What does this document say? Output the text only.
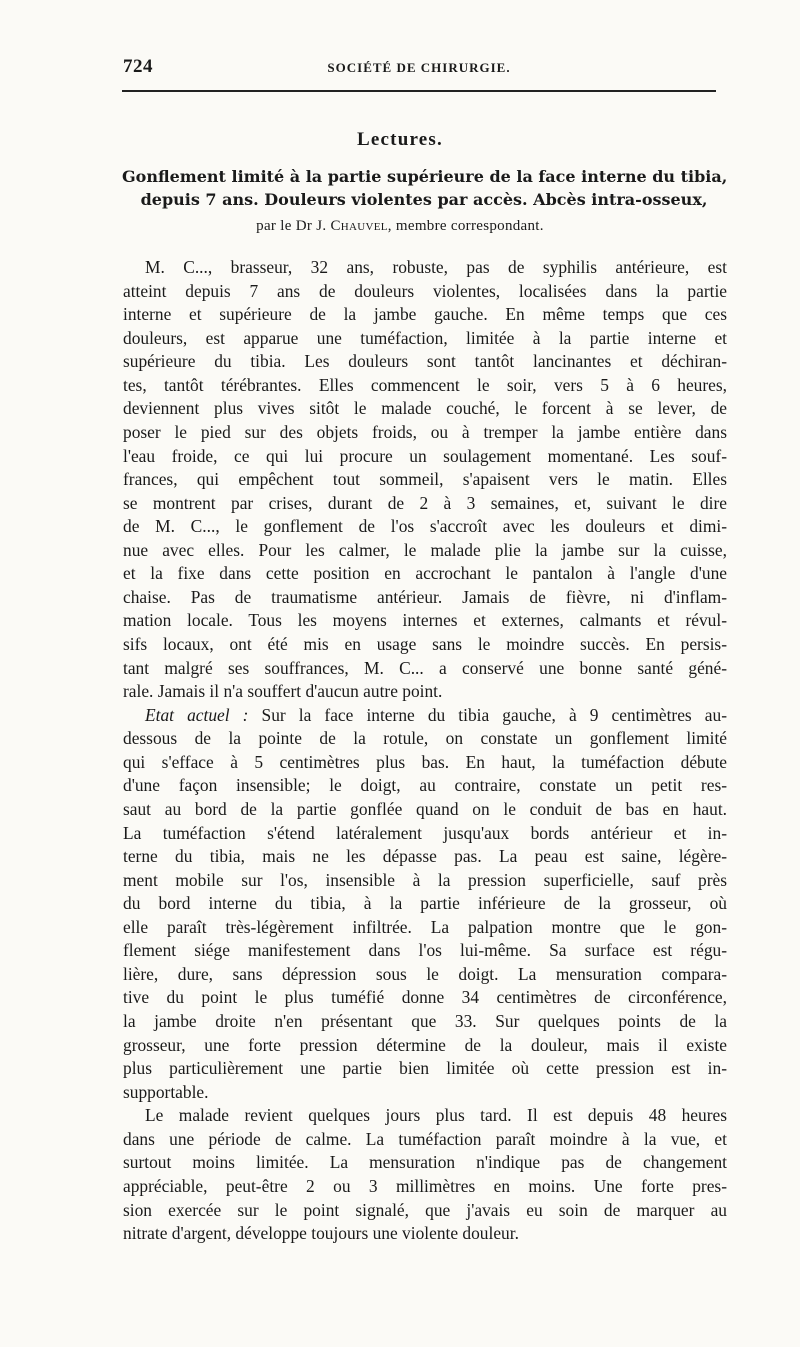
724	SOCIÉTÉ DE CHIRURGIE.
Lectures.
Gonflement limité à la partie supérieure de la face interne du tibia,
depuis 7 ans. Douleurs violentes par accès. Abcès intra-osseux,
par le Dr J. Chauvel, membre correspondant.
M. C..., brasseur, 32 ans, robuste, pas de syphilis antérieure, est
atteint depuis 7 ans de douleurs violentes, localisées dans la partie
interne et supérieure de la jambe gauche. En même temps que ces
douleurs, est apparue une tuméfaction, limitée à la partie interne et
supérieure du tibia. Les douleurs sont tantôt lancinantes et déchiran-
tes, tantôt térébrantes. Elles commencent le soir, vers 5 à 6 heures,
deviennent plus vives sitôt le malade couché, le forcent à se lever, de
poser le pied sur des objets froids, ou à tremper la jambe entière dans
l'eau froide, ce qui lui procure un soulagement momentané. Les souf-
frances, qui empêchent tout sommeil, s'apaisent vers le matin. Elles
se montrent par crises, durant de 2 à 3 semaines, et, suivant le dire
de M. C..., le gonflement de l'os s'accroît avec les douleurs et dimi-
nue avec elles. Pour les calmer, le malade plie la jambe sur la cuisse,
et la fixe dans cette position en accrochant le pantalon à l'angle d'une
chaise. Pas de traumatisme antérieur. Jamais de fièvre, ni d'inflam-
mation locale. Tous les moyens internes et externes, calmants et révul-
sifs locaux, ont été mis en usage sans le moindre succès. En persis-
tant malgré ses souffrances, M. C... a conservé une bonne santé géné-
rale. Jamais il n'a souffert d'aucun autre point.
Etat actuel : Sur la face interne du tibia gauche, à 9 centimètres au-
dessous de la pointe de la rotule, on constate un gonflement limité
qui s'efface à 5 centimètres plus bas. En haut, la tuméfaction débute
d'une façon insensible; le doigt, au contraire, constate un petit res-
saut au bord de la partie gonflée quand on le conduit de bas en haut.
La tuméfaction s'étend latéralement jusqu'aux bords antérieur et in-
terne du tibia, mais ne les dépasse pas. La peau est saine, légère-
ment mobile sur l'os, insensible à la pression superficielle, sauf près
du bord interne du tibia, à la partie inférieure de la grosseur, où
elle paraît très-légèrement infiltrée. La palpation montre que le gon-
flement siége manifestement dans l'os lui-même. Sa surface est régu-
lière, dure, sans dépression sous le doigt. La mensuration compara-
tive du point le plus tuméfié donne 34 centimètres de circonférence,
la jambe droite n'en présentant que 33. Sur quelques points de la
grosseur, une forte pression détermine de la douleur, mais il existe
plus particulièrement une partie bien limitée où cette pression est in-
supportable.
Le malade revient quelques jours plus tard. Il est depuis 48 heures
dans une période de calme. La tuméfaction paraît moindre à la vue, et
surtout moins limitée. La mensuration n'indique pas de changement
appréciable, peut-être 2 ou 3 millimètres en moins. Une forte pres-
sion exercée sur le point signalé, que j'avais eu soin de marquer au
nitrate d'argent, développe toujours une violente douleur.
